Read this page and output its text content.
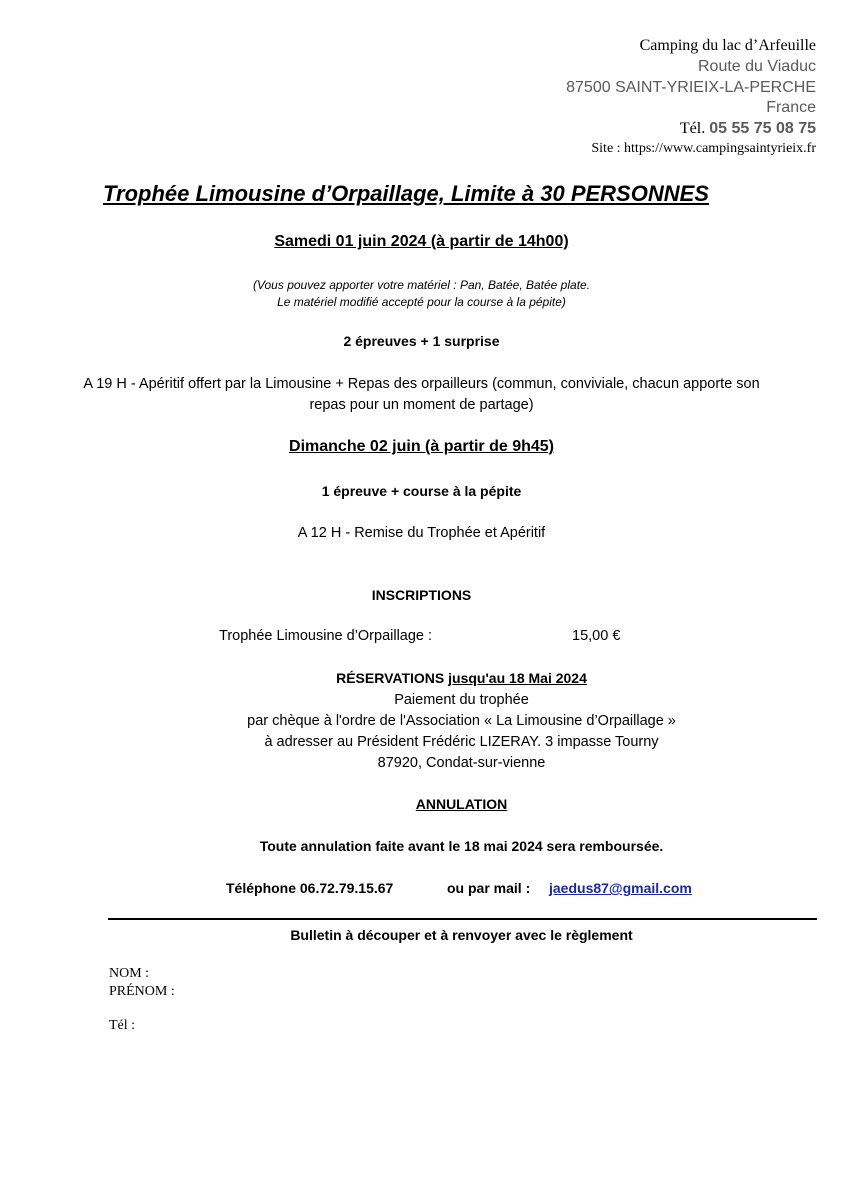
Camping du lac d’Arfeuille
Route du Viaduc
87500 SAINT-YRIEIX-LA-PERCHE
France
Tél. 05 55 75 08 75
Site : https://www.campingsaintyrieix.fr
Trophée Limousine d’Orpaillage, Limite à 30 PERSONNES
Samedi 01 juin 2024 (à partir de 14h00)
(Vous pouvez apporter votre matériel : Pan, Batée, Batée plate.
Le matériel modifié accepté pour la course à la pépite)
2 épreuves + 1 surprise
A 19 H - Apéritif offert par la Limousine + Repas des orpailleurs (commun, conviviale, chacun apporte son
repas pour un moment de partage)
Dimanche 02 juin (à partir de 9h45)
1 épreuve + course à la pépite
A 12 H - Remise du Trophée et Apéritif
INSCRIPTIONS
Trophée Limousine d’Orpaillage :	15,00 €
RÉSERVATIONS jusqu'au 18 Mai 2024
Paiement du trophée
par chèque à l'ordre de l'Association « La Limousine d’Orpaillage »
à adresser au Président Frédéric LIZERAY. 3 impasse Tourny
87920, Condat-sur-vienne
ANNULATION
Toute annulation faite avant le 18 mai 2024 sera remboursée.
Téléphone 06.72.79.15.67	ou par mail : jaedus87@gmail.com
Bulletin à découper et à renvoyer avec le règlement
NOM :
PRÉNOM :
Tél :
